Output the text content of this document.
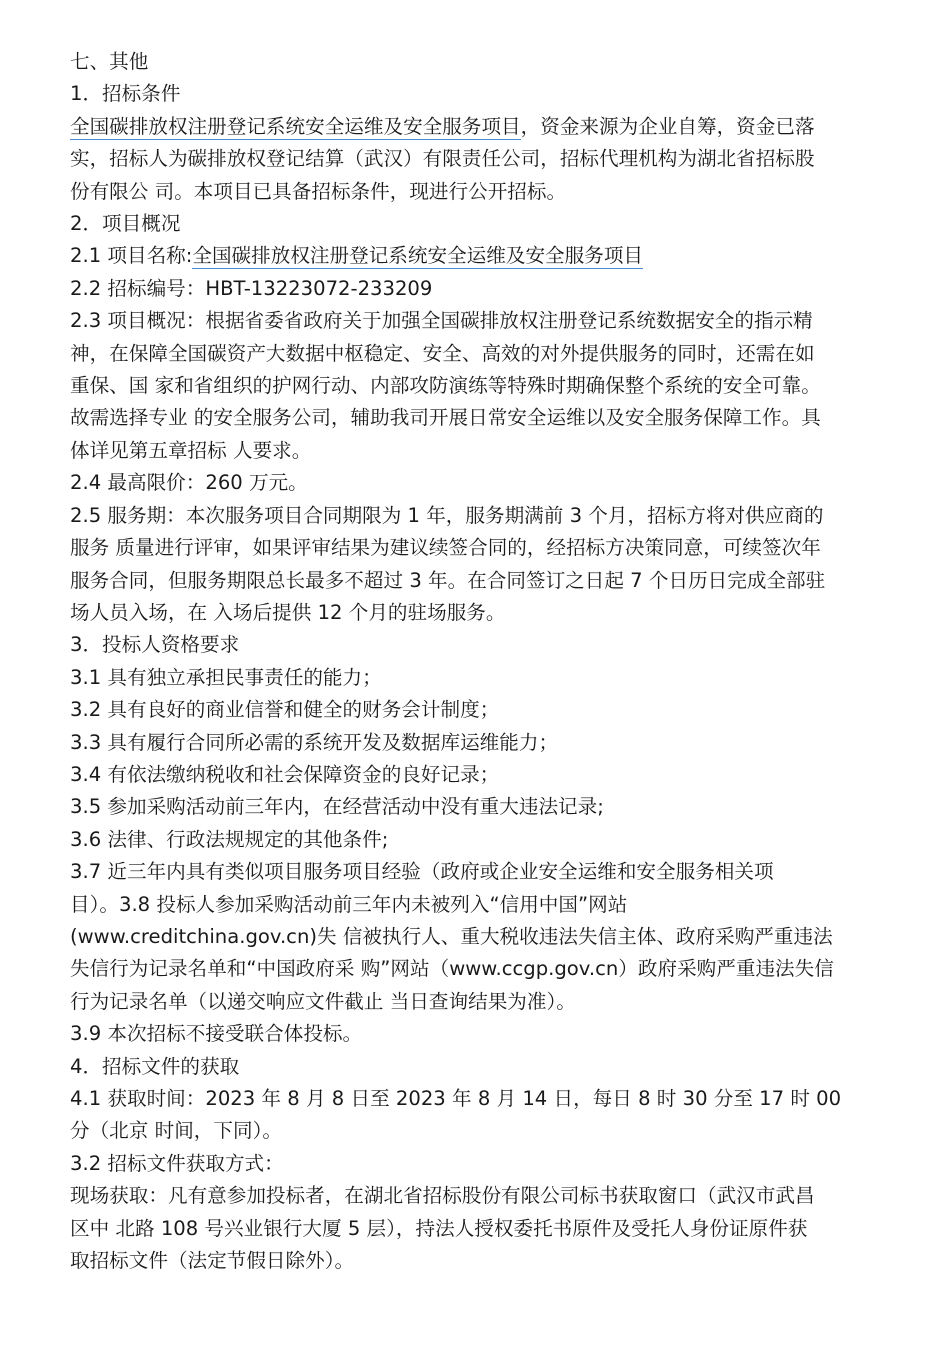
七、其他

1．招标条件

全国碳排放权注册登记系统安全运维及安全服务项目，资金来源为企业自筹，资金已落

实，招标人为碳排放权登记结算（武汉）有限责任公司，招标代理机构为湖北省招标股

份有限公 司。本项目已具备招标条件，现进行公开招标。

2．项目概况

2.1 项目名称:全国碳排放权注册登记系统安全运维及安全服务项目

2.2 招标编号：HBT-13223072-233209

2.3 项目概况：根据省委省政府关于加强全国碳排放权注册登记系统数据安全的指示精

神，在保障全国碳资产大数据中枢稳定、安全、高效的对外提供服务的同时，还需在如

重保、国 家和省组织的护网行动、内部攻防演练等特殊时期确保整个系统的安全可靠。

故需选择专业 的安全服务公司，辅助我司开展日常安全运维以及安全服务保障工作。具

体详见第五章招标 人要求。

2.4 最高限价：260 万元。

2.5 服务期：本次服务项目合同期限为 1 年，服务期满前 3 个月，招标方将对供应商的

服务 质量进行评审，如果评审结果为建议续签合同的，经招标方决策同意，可续签次年

服务合同，但服务期限总长最多不超过 3 年。在合同签订之日起 7 个日历日完成全部驻

场人员入场，在 入场后提供 12 个月的驻场服务。

3．投标人资格要求

3.1 具有独立承担民事责任的能力；

3.2 具有良好的商业信誉和健全的财务会计制度；

3.3 具有履行合同所必需的系统开发及数据库运维能力；

3.4 有依法缴纳税收和社会保障资金的良好记录；

3.5 参加采购活动前三年内，在经营活动中没有重大违法记录;

3.6 法律、行政法规规定的其他条件;

3.7 近三年内具有类似项目服务项目经验（政府或企业安全运维和安全服务相关项

目）。3.8 投标人参加采购活动前三年内未被列入“信用中国”网站

(www.creditchina.gov.cn)失 信被执行人、重大税收违法失信主体、政府采购严重违法

失信行为记录名单和“中国政府采 购”网站（www.ccgp.gov.cn）政府采购严重违法失信

行为记录名单（以递交响应文件截止 当日查询结果为准）。

3.9 本次招标不接受联合体投标。

4．招标文件的获取

4.1 获取时间：2023 年 8 月 8 日至 2023 年 8 月 14 日，每日 8 时 30 分至 17 时 00

分（北京 时间，下同）。

3.2 招标文件获取方式：

现场获取：凡有意参加投标者，在湖北省招标股份有限公司标书获取窗口（武汉市武昌

区中 北路 108 号兴业银行大厦 5 层），持法人授权委托书原件及受托人身份证原件获

取招标文件（法定节假日除外）。
